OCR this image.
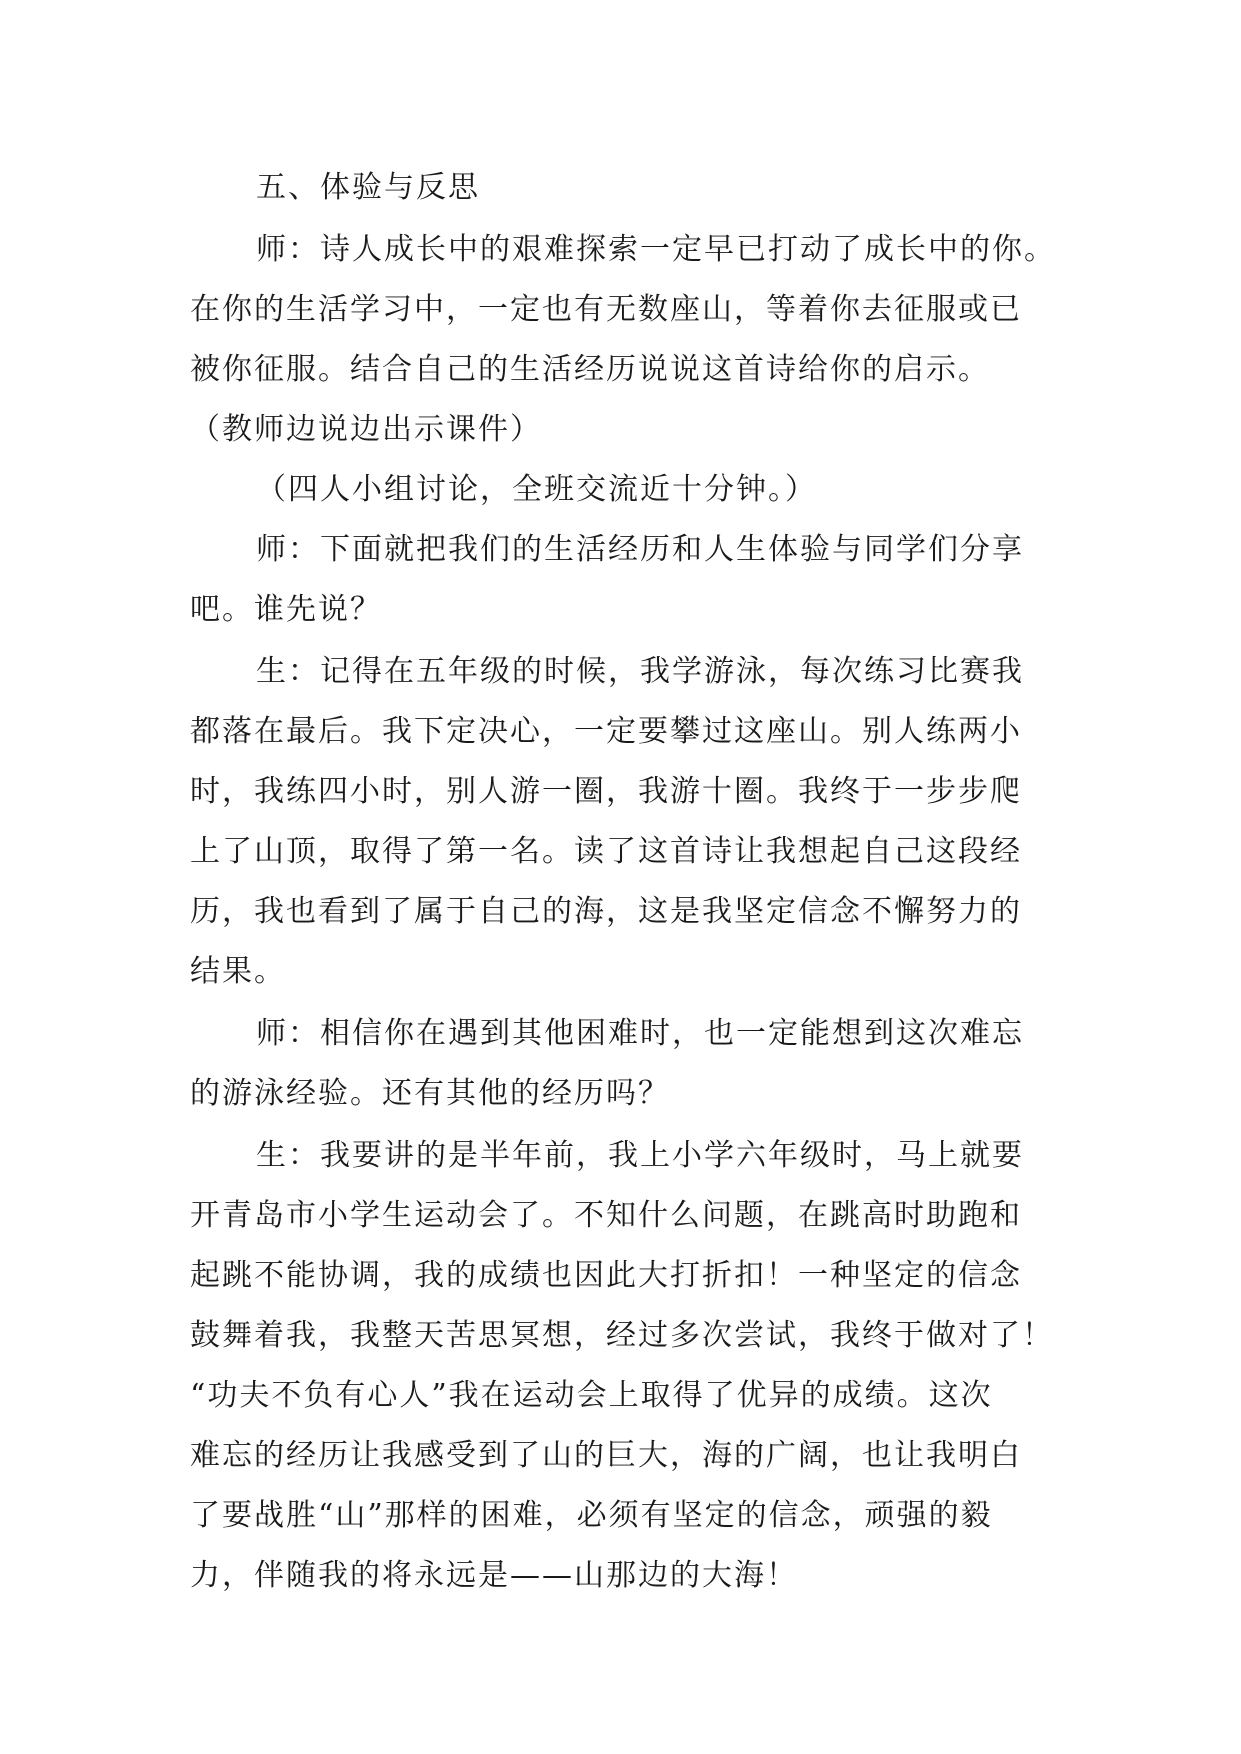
五、体验与反思
师：诗人成长中的艰难探索一定早已打动了成长中的你。
在你的生活学习中，一定也有无数座山，等着你去征服或已
被你征服。结合自己的生活经历说说这首诗给你的启示。
（教师边说边出示课件）
（四人小组讨论，全班交流近十分钟。）
师：下面就把我们的生活经历和人生体验与同学们分享
吧。谁先说？
生：记得在五年级的时候，我学游泳，每次练习比赛我
都落在最后。我下定决心，一定要攀过这座山。别人练两小
时，我练四小时，别人游一圈，我游十圈。我终于一步步爬
上了山顶，取得了第一名。读了这首诗让我想起自己这段经
历，我也看到了属于自己的海，这是我坚定信念不懈努力的
结果。
师：相信你在遇到其他困难时，也一定能想到这次难忘
的游泳经验。还有其他的经历吗？
生：我要讲的是半年前，我上小学六年级时，马上就要
开青岛市小学生运动会了。不知什么问题，在跳高时助跑和
起跳不能协调，我的成绩也因此大打折扣！一种坚定的信念
鼓舞着我，我整天苦思冥想，经过多次尝试，我终于做对了！
“功夫不负有心人”我在运动会上取得了优异的成绩。这次
难忘的经历让我感受到了山的巨大，海的广阔，也让我明白
了要战胜“山”那样的困难，必须有坚定的信念，顽强的毅
力，伴随我的将永远是——山那边的大海！
